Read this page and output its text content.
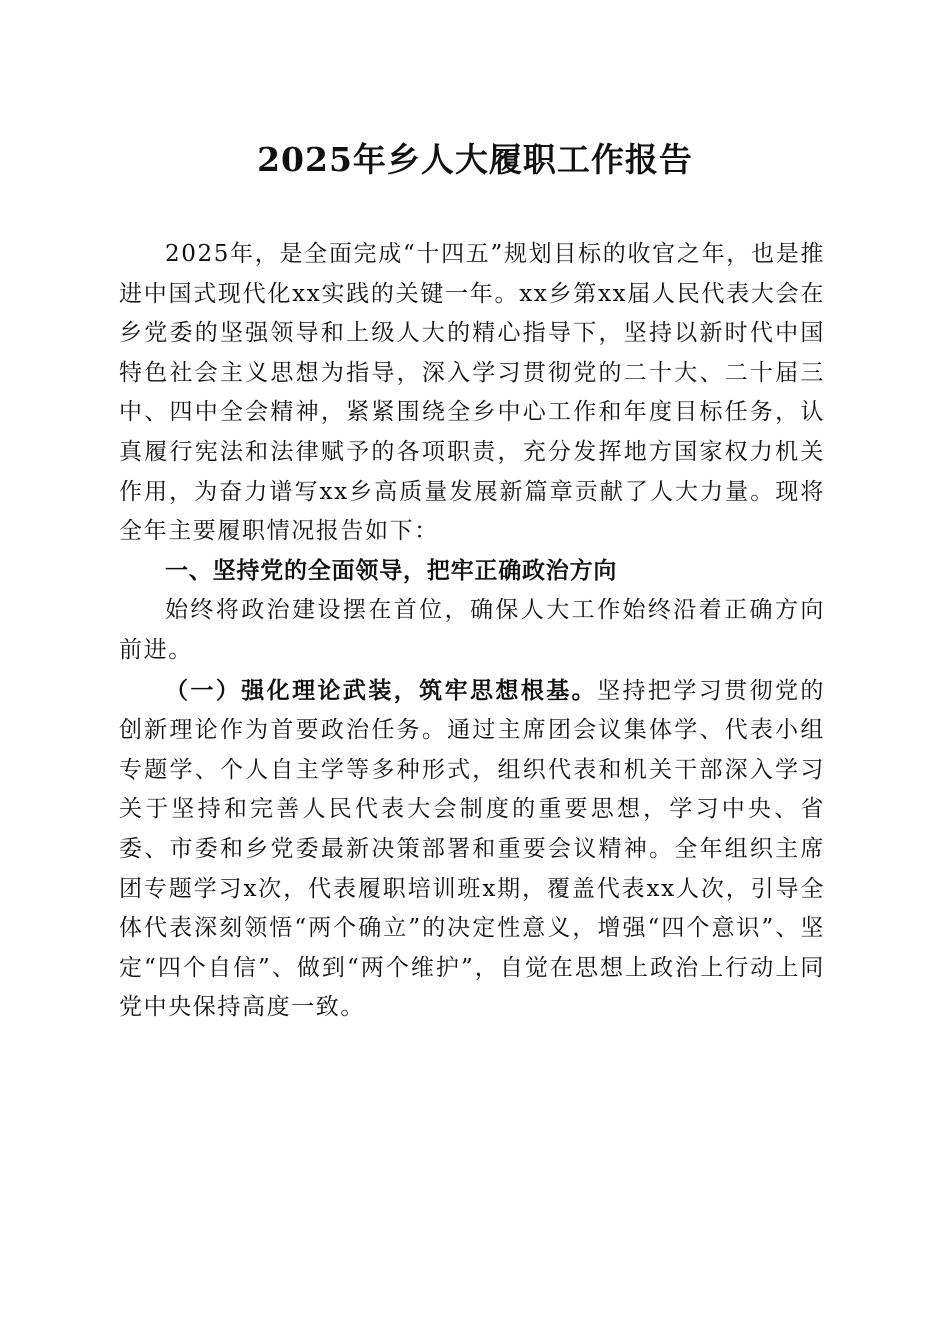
2025年乡人大履职工作报告

2025年，是全面完成“十四五”规划目标的收官之年，也是推进中国式现代化xx实践的关键一年。xx乡第xx届人民代表大会在乡党委的坚强领导和上级人大的精心指导下，坚持以新时代中国特色社会主义思想为指导，深入学习贯彻党的二十大、二十届三中、四中全会精神，紧紧围绕全乡中心工作和年度目标任务，认真履行宪法和法律赋予的各项职责，充分发挥地方国家权力机关作用，为奋力谱写xx乡高质量发展新篇章贡献了人大力量。现将全年主要履职情况报告如下：

一、坚持党的全面领导，把牢正确政治方向

始终将政治建设摆在首位，确保人大工作始终沿着正确方向前进。

（一）强化理论武装，筑牢思想根基。坚持把学习贯彻党的创新理论作为首要政治任务。通过主席团会议集体学、代表小组专题学、个人自主学等多种形式，组织代表和机关干部深入学习关于坚持和完善人民代表大会制度的重要思想，学习中央、省委、市委和乡党委最新决策部署和重要会议精神。全年组织主席团专题学习x次，代表履职培训班x期，覆盖代表xx人次，引导全体代表深刻领悟“两个确立”的决定性意义，增强“四个意识”、坚定“四个自信”、做到“两个维护”，自觉在思想上政治上行动上同党中央保持高度一致。
